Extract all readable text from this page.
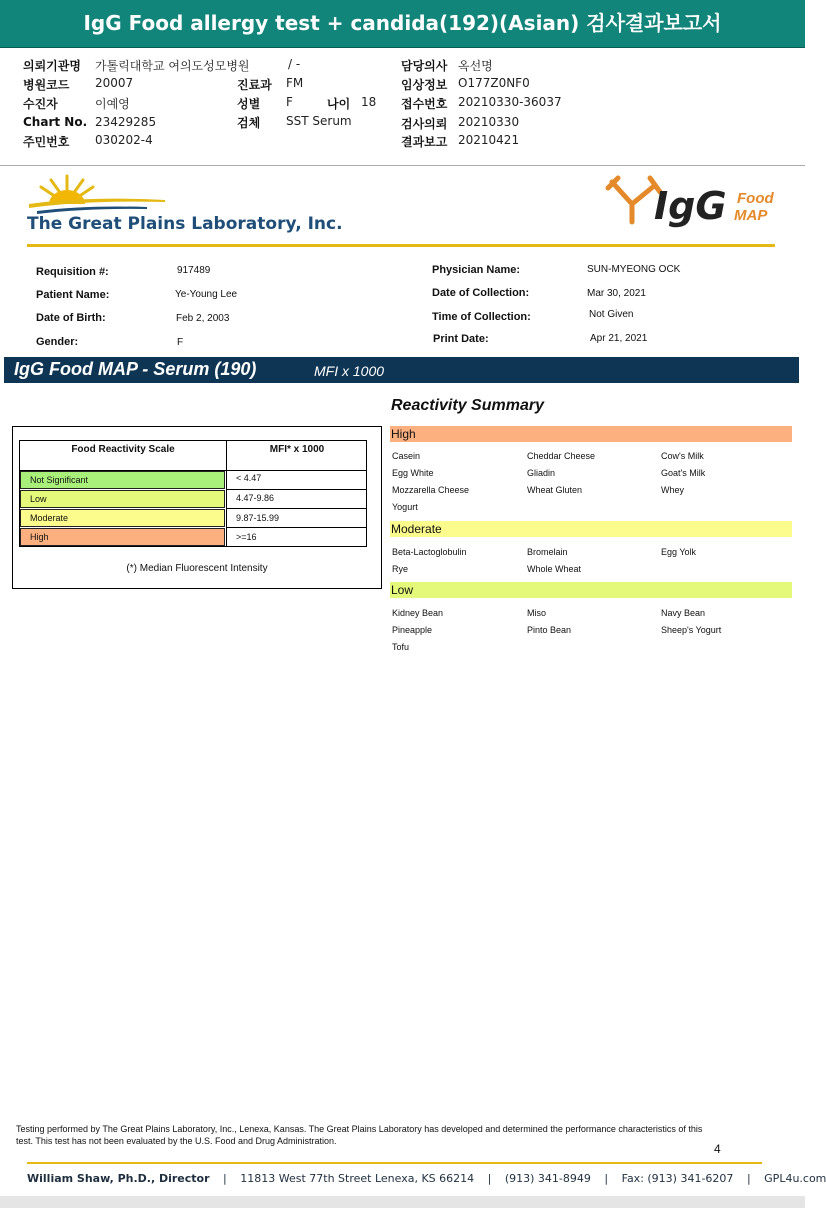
IgG Food allergy test + candida(192)(Asian) 검사결과보고서
의뢰기관명 가톨릭대학교 여의도성모병원	/ -
병원코드 20007
수진자	이예영
Chart No. 23429285
주민번호 030202-4
진료과 FM
성별 F	나이 18
검체 SST Serum
담당의사 옥선명
임상정보 O177Z0NF0
접수번호 20210330-36037
검사의뢰 20210330
결과보고 20210421
The Great Plains Laboratory, Inc.	IgG Food
MAP
Requisition #:	917489
Patient Name:	Ye-Young Lee
Date of Birth:	Feb 2, 2003
Gender:	F
Physician Name:	SUN-MYEONG OCK
Date of Collection:	Mar 30, 2021
Time of Collection:	Not Given
Print Date:	Apr 21, 2021
IgG Food MAP - Serum (190)	MFI x 1000
Food Reactivity Scale	MFI* x 1000
Not Significant	< 4.47
Low	4.47-9.86
Moderate	9.87-15.99
High	>=16
(*) Median Fluorescent Intensity
Reactivity Summary
High
Casein	Cheddar Cheese	Cow's Milk
Egg White	Gliadin	Goat's Milk
Mozzarella Cheese	Wheat Gluten	Whey
Yogurt
Moderate
Beta-Lactoglobulin	Bromelain	Egg Yolk
Rye	Whole Wheat
Low
Kidney Bean	Miso	Navy Bean
Pineapple	Pinto Bean	Sheep's Yogurt
Tofu
Testing performed by The Great Plains Laboratory, Inc., Lenexa, Kansas. The Great Plains Laboratory has developed and determined the performance characteristics of this test. This test has not been evaluated by the U.S. Food and Drug Administration.
4
William Shaw, Ph.D., Director | 11813 West 77th Street Lenexa, KS 66214 | (913) 341-8949 | Fax: (913) 341-6207 | GPL4u.com
